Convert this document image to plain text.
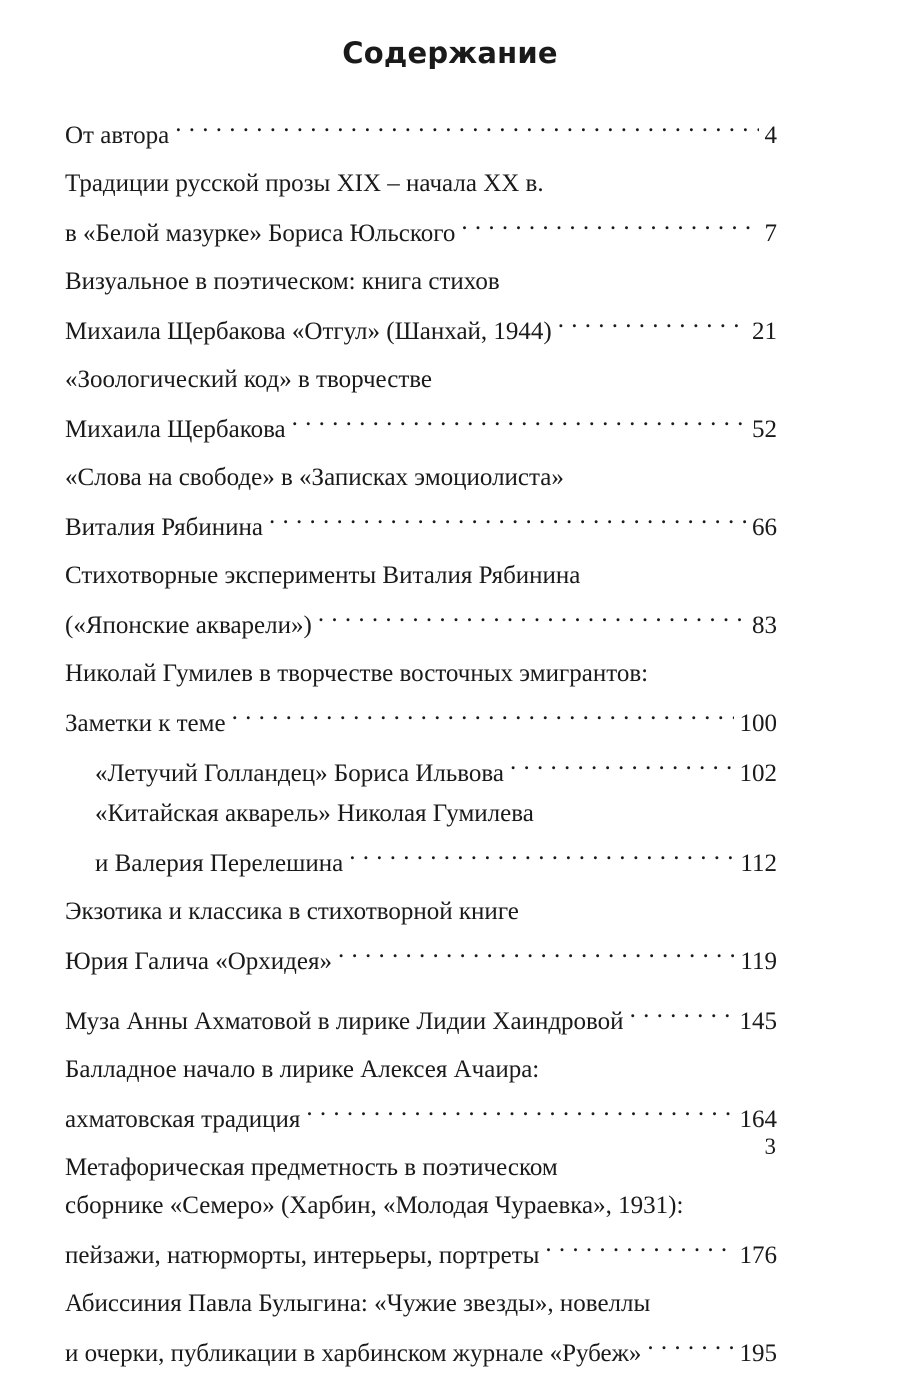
Содержание
От автора . . .	4
Традиции русской прозы XIX – начала XX в.
в «Белой мазурке» Бориса Юльского . . .	7
Визуальное в поэтическом: книга стихов
Михаила Щербакова «Отгул» (Шанхай, 1944) . . .	21
«Зоологический код» в творчестве
Михаила Щербакова . . .	52
«Слова на свободе» в «Записках эмоциолиста»
Виталия Рябинина . . .	66
Стихотворные эксперименты Виталия Рябинина
(«Японские акварели») . . .	83
Николай Гумилев в творчестве восточных эмигрантов:
Заметки к теме . . .	100
«Летучий Голландец» Бориса Ильвова . . .	102
«Китайская акварель» Николая Гумилева
и Валерия Перелешина . . .	112
Экзотика и классика в стихотворной книге
Юрия Галича «Орхидея» . . .	119
Муза Анны Ахматовой в лирике Лидии Хаиндровой . . .	145
Балладное начало в лирике Алексея Ачаира:
ахматовская традиция . . .	164
Метафорическая предметность в поэтическом
сборнике «Семеро» (Харбин, «Молодая Чураевка», 1931):
пейзажи, натюрморты, интерьеры, портреты . . .	176
Абиссиния Павла Булыгина: «Чужие звезды», новеллы
и очерки, публикации в харбинском журнале «Рубеж» . . .	195
3
